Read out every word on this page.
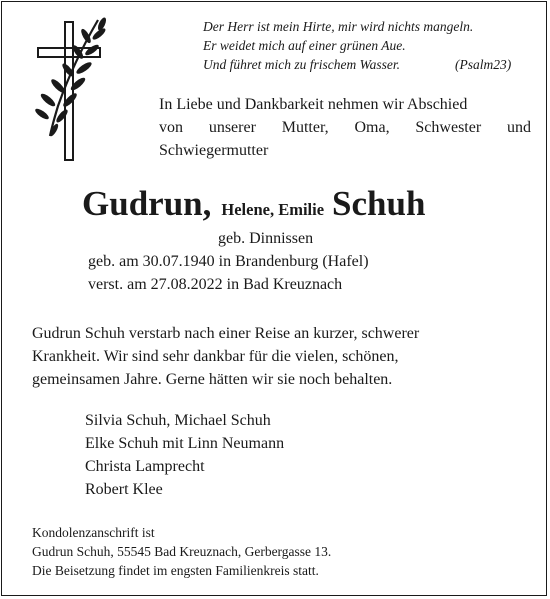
Der Herr ist mein Hirte, mir wird nichts mangeln.
Er weidet mich auf einer grünen Aue.
Und führet mich zu frischem Wasser.	(Psalm23)
In Liebe und Dankbarkeit nehmen wir Abschied
von unserer Mutter, Oma, Schwester und
Schwiegermutter
Gudrun, Helene, Emilie Schuh
geb. Dinnissen
geb. am 30.07.1940 in Brandenburg (Hafel)
verst. am 27.08.2022 in Bad Kreuznach
Gudrun Schuh verstarb nach einer Reise an kurzer, schwerer
Krankheit. Wir sind sehr dankbar für die vielen, schönen,
gemeinsamen Jahre. Gerne hätten wir sie noch behalten.
Silvia Schuh, Michael Schuh
Elke Schuh mit Linn Neumann
Christa Lamprecht
Robert Klee
Kondolenzanschrift ist
Gudrun Schuh, 55545 Bad Kreuznach, Gerbergasse 13.
Die Beisetzung findet im engsten Familienkreis statt.
